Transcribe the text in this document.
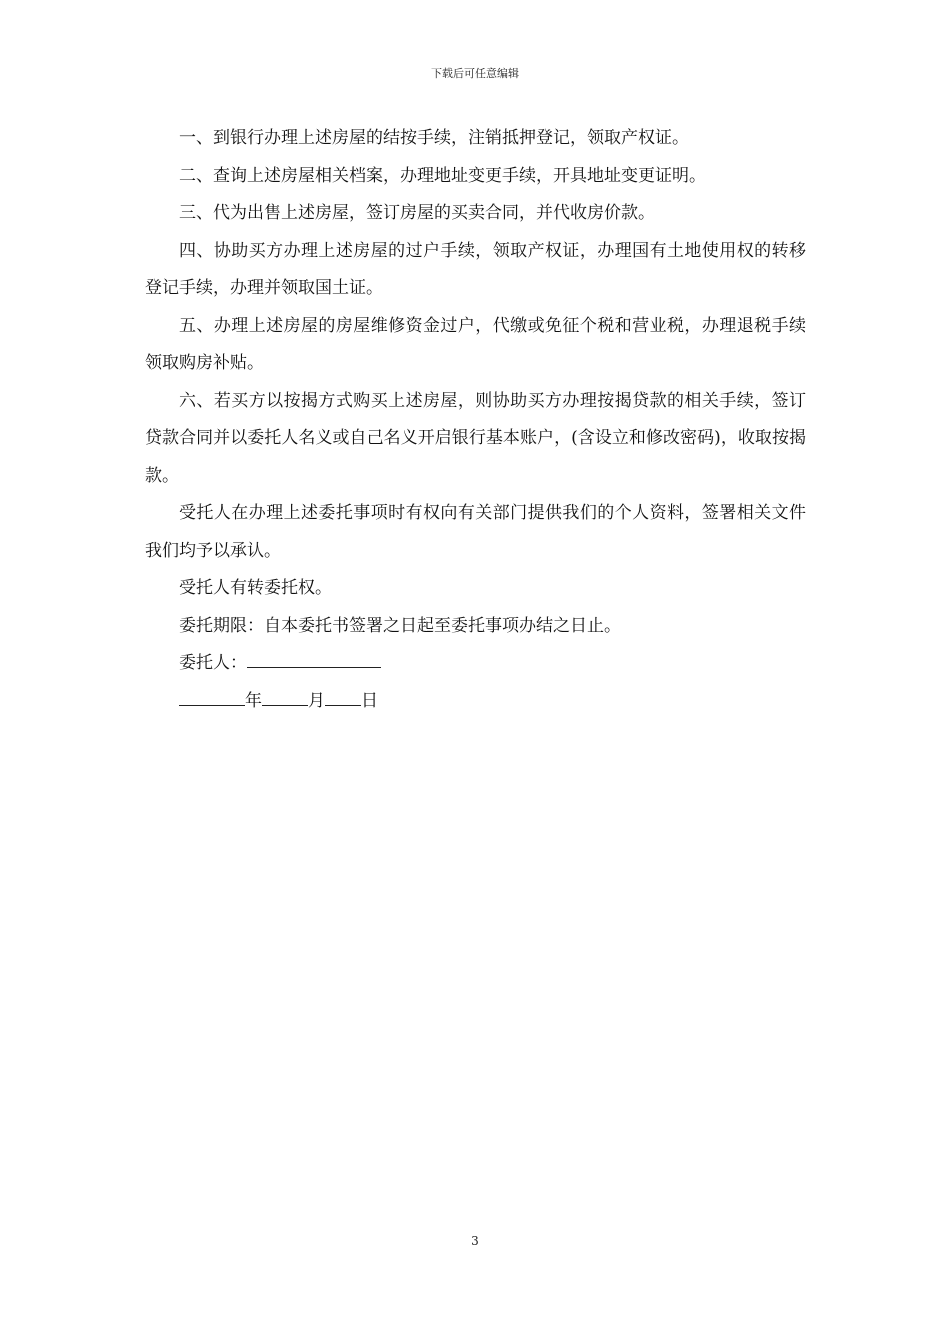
下载后可任意编辑

一、到银行办理上述房屋的结按手续，注销抵押登记，领取产权证。

二、查询上述房屋相关档案，办理地址变更手续，开具地址变更证明。

三、代为出售上述房屋，签订房屋的买卖合同，并代收房价款。

四、协助买方办理上述房屋的过户手续，领取产权证，办理国有土地使用权的转移登记手续，办理并领取国土证。

五、办理上述房屋的房屋维修资金过户，代缴或免征个税和营业税，办理退税手续领取购房补贴。

六、若买方以按揭方式购买上述房屋，则协助买方办理按揭贷款的相关手续，签订贷款合同并以委托人名义或自己名义开启银行基本账户，(含设立和修改密码)，收取按揭款。

受托人在办理上述委托事项时有权向有关部门提供我们的个人资料，签署相关文件我们均予以承认。

受托人有转委托权。

委托期限：自本委托书签署之日起至委托事项办结之日止。

委托人：

年	月 日

3
